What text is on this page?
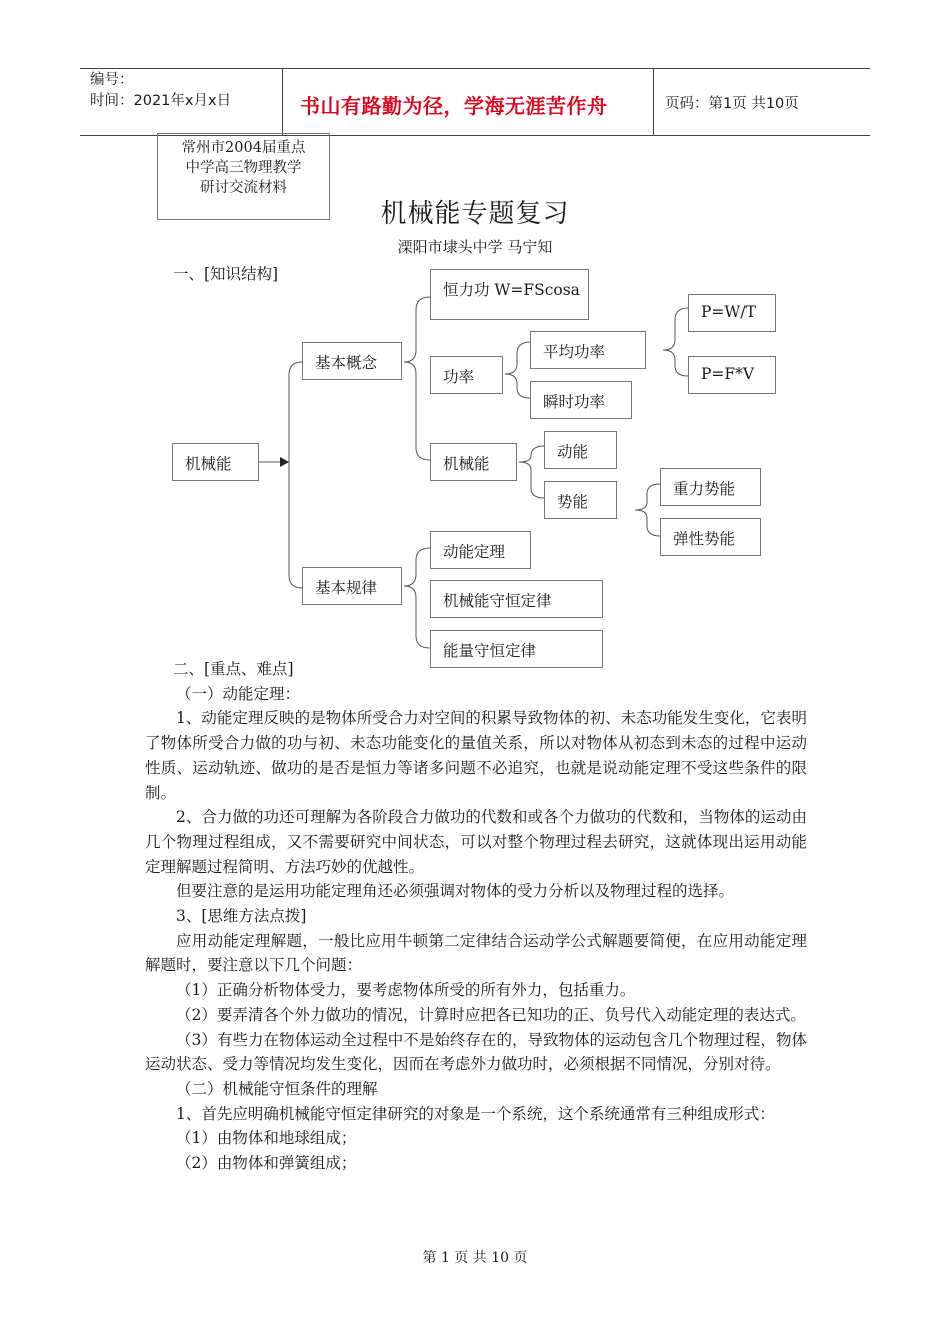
编号：
时间：2021年x月x日	书山有路勤为径，学海无涯苦作舟	页码：第1页 共10页
常州市2004届重点
中学高三物理教学
研讨交流材料
机械能专题复习
溧阳市埭头中学 马宁知
一、[知识结构]
机械能
基本概念
基本规律
恒力功 W=FScosa
功率
平均功率
瞬时功率
P=W/T
P=F*V
机械能
动能
势能
重力势能
弹性势能
动能定理
机械能守恒定律
能量守恒定律

二、[重点、难点]

（一）动能定理：

1、动能定理反映的是物体所受合力对空间的积累导致物体的初、未态功能发生变化，它表明了物体所受合力做的功与初、未态功能变化的量值关系，所以对物体从初态到未态的过程中运动性质、运动轨迹、做功的是否是恒力等诸多问题不必追究，也就是说动能定理不受这些条件的限制。

2、合力做的功还可理解为各阶段合力做功的代数和或各个力做功的代数和，当物体的运动由几个物理过程组成，又不需要研究中间状态，可以对整个物理过程去研究，这就体现出运用动能定理解题过程简明、方法巧妙的优越性。

但要注意的是运用功能定理角还必须强调对物体的受力分析以及物理过程的选择。

3、[思维方法点拨]

应用动能定理解题，一般比应用牛顿第二定律结合运动学公式解题要简便，在应用动能定理解题时，要注意以下几个问题：

（1）正确分析物体受力，要考虑物体所受的所有外力，包括重力。

（2）要弄清各个外力做功的情况，计算时应把各已知功的正、负号代入动能定理的表达式。

（3）有些力在物体运动全过程中不是始终存在的，导致物体的运动包含几个物理过程，物体运动状态、受力等情况均发生变化，因而在考虑外力做功时，必须根据不同情况，分别对待。

（二）机械能守恒条件的理解

1、首先应明确机械能守恒定律研究的对象是一个系统，这个系统通常有三种组成形式：

（1）由物体和地球组成；

（2）由物体和弹簧组成；

第 1 页 共 10 页
